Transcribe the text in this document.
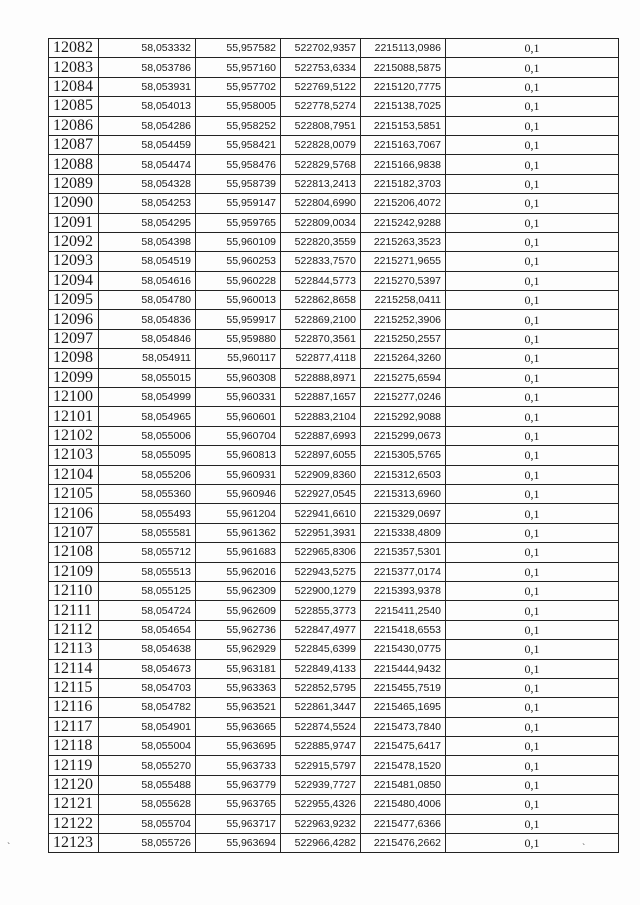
12082	58,053332	55,957582	522702,9357	2215113,0986	0,1
12083	58,053786	55,957160	522753,6334	2215088,5875	0,1
12084	58,053931	55,957702	522769,5122	2215120,7775	0,1
12085	58,054013	55,958005	522778,5274	2215138,7025	0,1
12086	58,054286	55,958252	522808,7951	2215153,5851	0,1
12087	58,054459	55,958421	522828,0079	2215163,7067	0,1
12088	58,054474	55,958476	522829,5768	2215166,9838	0,1
12089	58,054328	55,958739	522813,2413	2215182,3703	0,1
12090	58,054253	55,959147	522804,6990	2215206,4072	0,1
12091	58,054295	55,959765	522809,0034	2215242,9288	0,1
12092	58,054398	55,960109	522820,3559	2215263,3523	0,1
12093	58,054519	55,960253	522833,7570	2215271,9655	0,1
12094	58,054616	55,960228	522844,5773	2215270,5397	0,1
12095	58,054780	55,960013	522862,8658	2215258,0411	0,1
12096	58,054836	55,959917	522869,2100	2215252,3906	0,1
12097	58,054846	55,959880	522870,3561	2215250,2557	0,1
12098	58,054911	55,960117	522877,4118	2215264,3260	0,1
12099	58,055015	55,960308	522888,8971	2215275,6594	0,1
12100	58,054999	55,960331	522887,1657	2215277,0246	0,1
12101	58,054965	55,960601	522883,2104	2215292,9088	0,1
12102	58,055006	55,960704	522887,6993	2215299,0673	0,1
12103	58,055095	55,960813	522897,6055	2215305,5765	0,1
12104	58,055206	55,960931	522909,8360	2215312,6503	0,1
12105	58,055360	55,960946	522927,0545	2215313,6960	0,1
12106	58,055493	55,961204	522941,6610	2215329,0697	0,1
12107	58,055581	55,961362	522951,3931	2215338,4809	0,1
12108	58,055712	55,961683	522965,8306	2215357,5301	0,1
12109	58,055513	55,962016	522943,5275	2215377,0174	0,1
12110	58,055125	55,962309	522900,1279	2215393,9378	0,1
12111	58,054724	55,962609	522855,3773	2215411,2540	0,1
12112	58,054654	55,962736	522847,4977	2215418,6553	0,1
12113	58,054638	55,962929	522845,6399	2215430,0775	0,1
12114	58,054673	55,963181	522849,4133	2215444,9432	0,1
12115	58,054703	55,963363	522852,5795	2215455,7519	0,1
12116	58,054782	55,963521	522861,3447	2215465,1695	0,1
12117	58,054901	55,963665	522874,5524	2215473,7840	0,1
12118	58,055004	55,963695	522885,9747	2215475,6417	0,1
12119	58,055270	55,963733	522915,5797	2215478,1520	0,1
12120	58,055488	55,963779	522939,7727	2215481,0850	0,1
12121	58,055628	55,963765	522955,4326	2215480,4006	0,1
12122	58,055704	55,963717	522963,9232	2215477,6366	0,1
12123	58,055726	55,963694	522966,4282	2215476,2662	0,1
`	`
